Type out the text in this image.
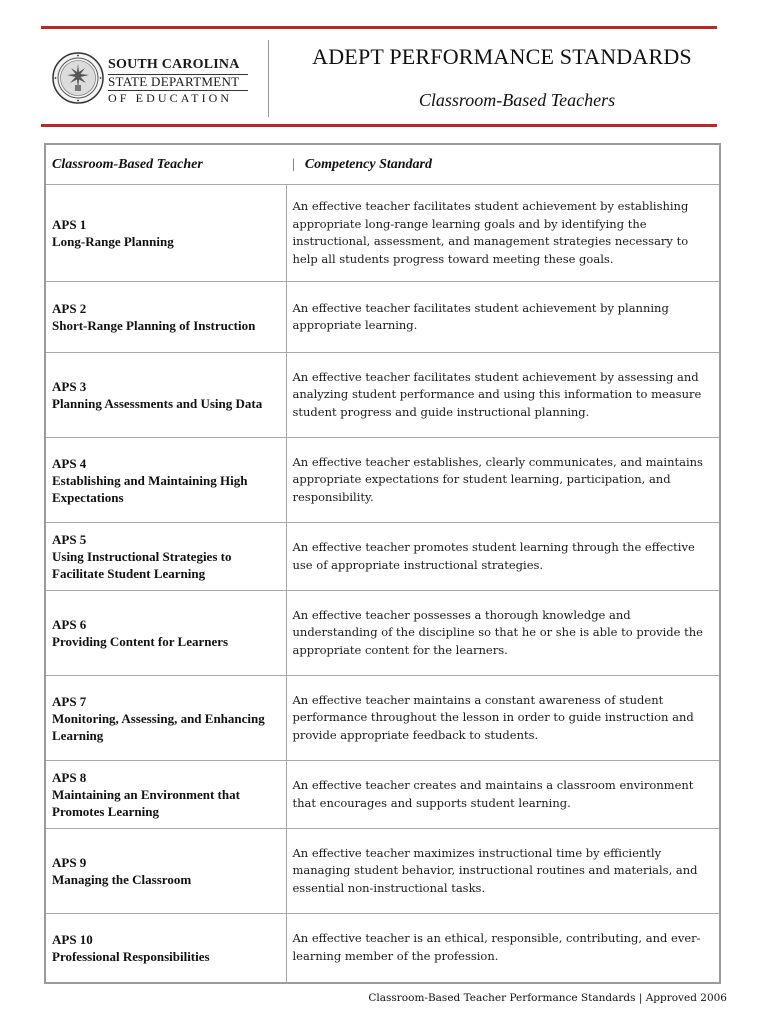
SOUTH CAROLINA
STATE DEPARTMENT
OF EDUCATION
ADEPT PERFORMANCE STANDARDS
Classroom-Based Teachers
Classroom-Based Teacher	| Competency Standard

APS 1
Long-Range Planning	An effective teacher facilitates student achievement by establishing appropriate long-range learning goals and by identifying the instructional, assessment, and management strategies necessary to help all students progress toward meeting these goals.

APS 2
Short-Range Planning of Instruction	An effective teacher facilitates student achievement by planning appropriate learning.

APS 3
Planning Assessments and Using Data	An effective teacher facilitates student achievement by assessing and analyzing student performance and using this information to measure student progress and guide instructional planning.

APS 4
Establishing and Maintaining High Expectations	An effective teacher establishes, clearly communicates, and maintains appropriate expectations for student learning, participation, and responsibility.

APS 5
Using Instructional Strategies to Facilitate Student Learning	An effective teacher promotes student learning through the effective use of appropriate instructional strategies.

APS 6
Providing Content for Learners	An effective teacher possesses a thorough knowledge and understanding of the discipline so that he or she is able to provide the appropriate content for the learners.

APS 7
Monitoring, Assessing, and Enhancing Learning	An effective teacher maintains a constant awareness of student performance throughout the lesson in order to guide instruction and provide appropriate feedback to students.

APS 8
Maintaining an Environment that Promotes Learning	An effective teacher creates and maintains a classroom environment that encourages and supports student learning.

APS 9
Managing the Classroom	An effective teacher maximizes instructional time by efficiently managing student behavior, instructional routines and materials, and essential non-instructional tasks.

APS 10
Professional Responsibilities	An effective teacher is an ethical, responsible, contributing, and ever-learning member of the profession.
Classroom-Based Teacher Performance Standards | Approved 2006
